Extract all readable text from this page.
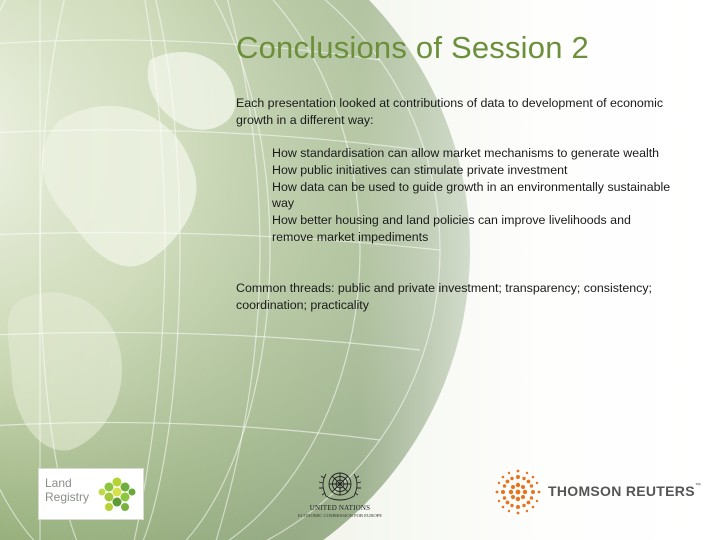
Conclusions of Session 2
Each presentation looked at contributions of data to development of economic growth in a different way:
How standardisation can allow market mechanisms to generate wealth
How public initiatives can stimulate private investment
How data can be used to guide growth in an environmentally sustainable way
How better housing and land policies can improve livelihoods and remove market impediments
Common threads: public and private investment; transparency; consistency; coordination; practicality
Land
Registry
UNITED NATIONS
ECONOMIC COMMISSION FOR EUROPE
THOMSON REUTERS™
